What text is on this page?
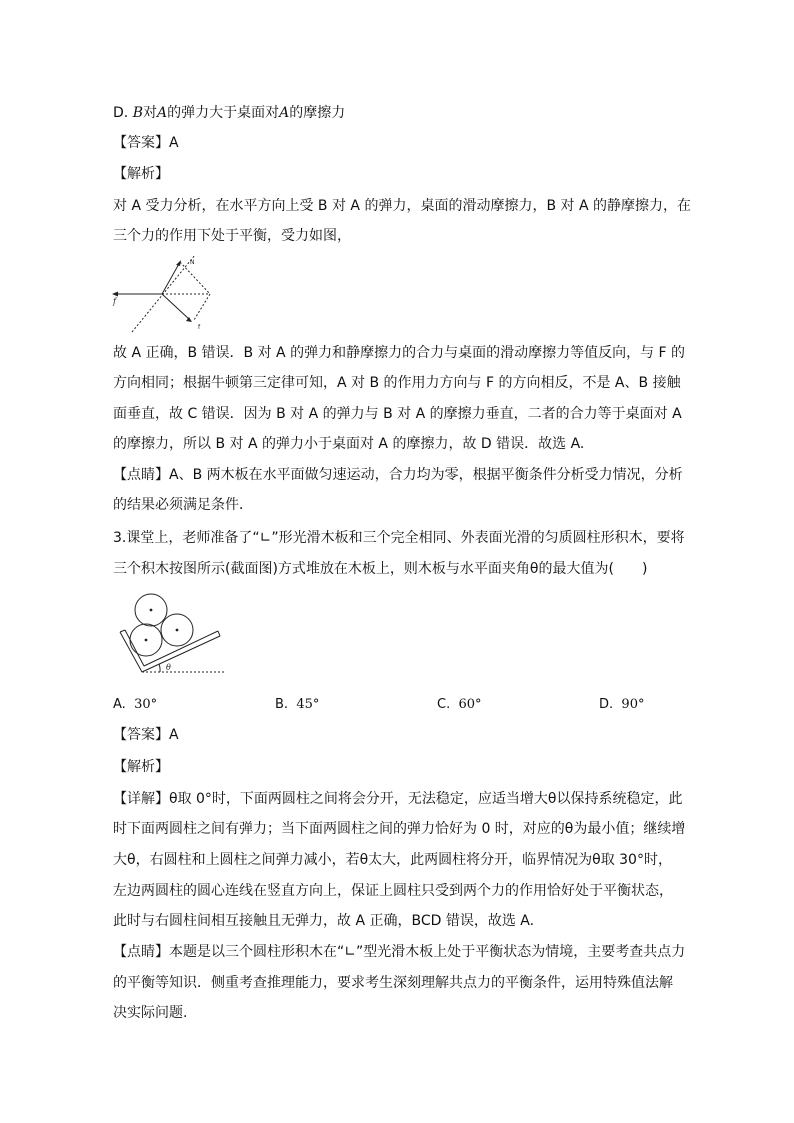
D. B对A的弹力大于桌面对A的摩擦力
【答案】A
【解析】
对 A 受力分析，在水平方向上受 B 对 A 的弹力，桌面的滑动摩擦力，B 对 A 的静摩擦力，在
三个力的作用下处于平衡，受力如图，
f
N
f
故 A 正确，B 错误．B 对 A 的弹力和静摩擦力的合力与桌面的滑动摩擦力等值反向，与 F 的
方向相同；根据牛顿第三定律可知，A 对 B 的作用力方向与 F 的方向相反，不是 A、B 接触
面垂直，故 C 错误．因为 B 对 A 的弹力与 B 对 A 的摩擦力垂直，二者的合力等于桌面对 A
的摩擦力，所以 B 对 A 的弹力小于桌面对 A 的摩擦力，故 D 错误．故选 A.
【点睛】A、B 两木板在水平面做匀速运动，合力均为零，根据平衡条件分析受力情况，分析
的结果必须满足条件．
3.课堂上，老师准备了“∟”形光滑木板和三个完全相同、外表面光滑的匀质圆柱形积木，要将
三个积木按图所示(截面图)方式堆放在木板上，则木板与水平面夹角θ的最大值为(　　)
θ
A. 30°	B. 45°	C. 60°	D. 90°
【答案】A
【解析】
【详解】θ取 0°时，下面两圆柱之间将会分开，无法稳定，应适当增大θ以保持系统稳定，此
时下面两圆柱之间有弹力；当下面两圆柱之间的弹力恰好为 0 时，对应的θ为最小值；继续增
大θ，右圆柱和上圆柱之间弹力减小，若θ太大，此两圆柱将分开，临界情况为θ取 30°时，
左边两圆柱的圆心连线在竖直方向上，保证上圆柱只受到两个力的作用恰好处于平衡状态，
此时与右圆柱间相互接触且无弹力，故 A 正确，BCD 错误，故选 A.
【点睛】本题是以三个圆柱形积木在“∟”型光滑木板上处于平衡状态为情境，主要考查共点力
的平衡等知识．侧重考查推理能力，要求考生深刻理解共点力的平衡条件，运用特殊值法解
决实际问题.
